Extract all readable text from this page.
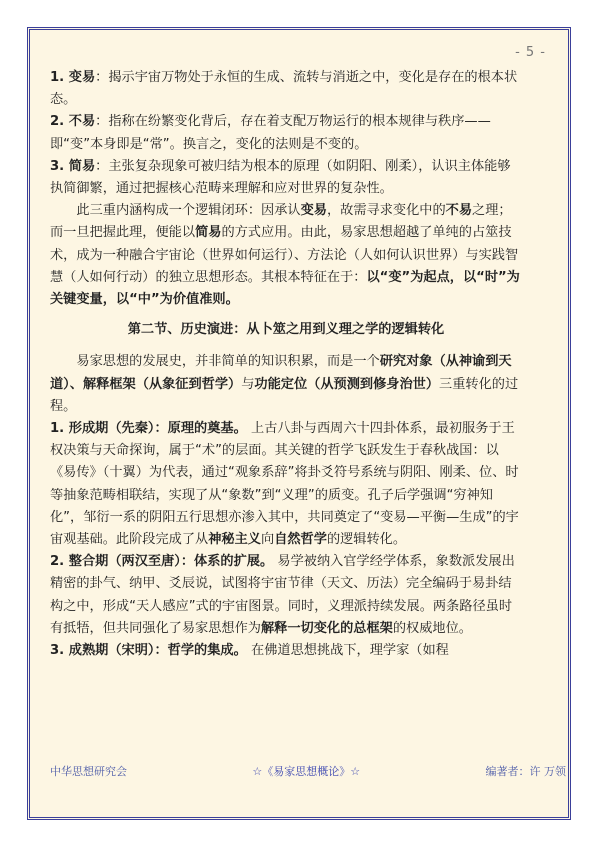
- 5 -

1. 变易：揭示宇宙万物处于永恒的生成、流转与消逝之中，变化是存在的根本状态。

2. 不易：指称在纷繁变化背后，存在着支配万物运行的根本规律与秩序——即“变”本身即是“常”。换言之，变化的法则是不变的。

3. 简易：主张复杂现象可被归结为根本的原理（如阴阳、刚柔），认识主体能够执简御繁，通过把握核心范畴来理解和应对世界的复杂性。

此三重内涵构成一个逻辑闭环：因承认变易，故需寻求变化中的不易之理；而一旦把握此理，便能以简易的方式应用。由此，易家思想超越了单纯的占筮技术，成为一种融合宇宙论（世界如何运行）、方法论（人如何认识世界）与实践智慧（人如何行动）的独立思想形态。其根本特征在于：以“变”为起点，以“时”为关键变量，以“中”为价值准则。

第二节、历史演进：从卜筮之用到义理之学的逻辑转化

易家思想的发展史，并非简单的知识积累，而是一个研究对象（从神谕到天道）、解释框架（从象征到哲学）与功能定位（从预测到修身治世）三重转化的过程。

1. 形成期（先秦）：原理的奠基。 上古八卦与西周六十四卦体系，最初服务于王权决策与天命探询，属于“术”的层面。其关键的哲学飞跃发生于春秋战国：以《易传》（十翼）为代表，通过“观象系辞”将卦爻符号系统与阴阳、刚柔、位、时等抽象范畴相联结，实现了从“象数”到“义理”的质变。孔子后学强调“穷神知化”，邹衍一系的阴阳五行思想亦渗入其中，共同奠定了“变易—平衡—生成”的宇宙观基础。此阶段完成了从神秘主义向自然哲学的逻辑转化。

2. 整合期（两汉至唐）：体系的扩展。 易学被纳入官学经学体系，象数派发展出精密的卦气、纳甲、爻辰说，试图将宇宙节律（天文、历法）完全编码于易卦结构之中，形成“天人感应”式的宇宙图景。同时，义理派持续发展。两条路径虽时有抵牾，但共同强化了易家思想作为解释一切变化的总框架的权威地位。

3. 成熟期（宋明）：哲学的集成。 在佛道思想挑战下，理学家（如程

中华思想研究会	☆《易家思想概论》☆	编著者：许 万领
